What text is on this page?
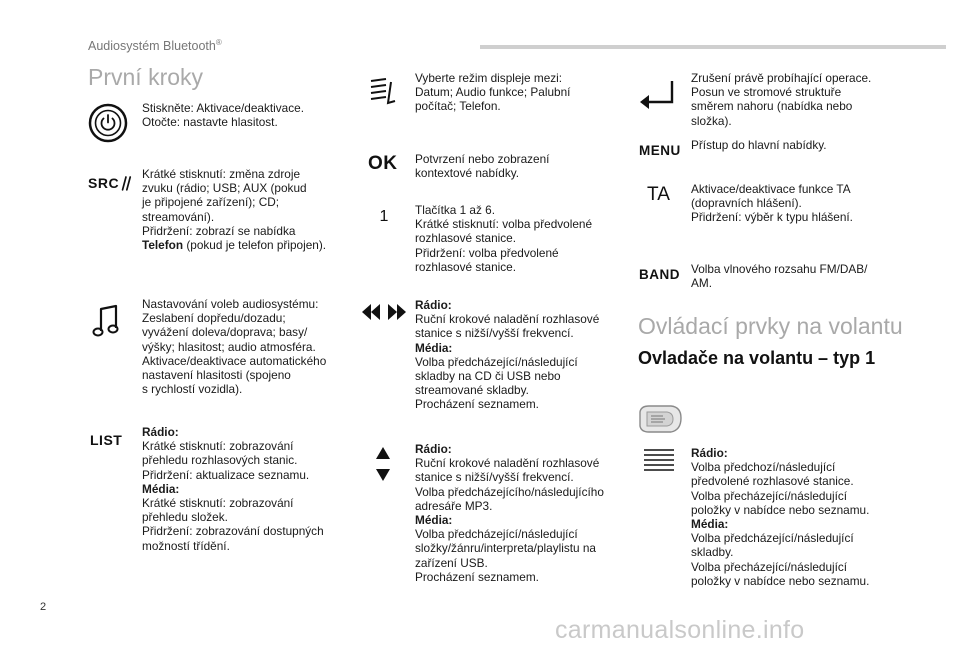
Audiosystém Bluetooth®
První kroky

Stiskněte: Aktivace/deaktivace.

Otočte: nastavte hlasitost.

SRC

Krátké stisknutí: změna zdroje

zvuku (rádio; USB; AUX (pokud

je připojené zařízení); CD;

streamování).

Přidržení: zobrazí se nabídka

Telefon (pokud je telefon připojen).

Nastavování voleb audiosystému:

Zeslabení dopředu/dozadu;

vyvážení doleva/doprava; basy/

výšky; hlasitost; audio atmosféra.

Aktivace/deaktivace automatického

nastavení hlasitosti (spojeno

s rychlostí vozidla).

LIST Rádio:

Krátké stisknutí: zobrazování

přehledu rozhlasových stanic.

Přidržení: aktualizace seznamu.

Média:

Krátké stisknutí: zobrazování

přehledu složek.

Přidržení: zobrazování dostupných

možností třídění.

Vyberte režim displeje mezi:

Datum; Audio funkce; Palubní

počítač; Telefon.

OK Potvrzení nebo zobrazení

kontextové nabídky.

1 Tlačítka 1 až 6.

Krátké stisknutí: volba předvolené

rozhlasové stanice.

Přidržení: volba předvolené

rozhlasové stanice.

Rádio:

Ruční krokové naladění rozhlasové

stanice s nižší/vyšší frekvencí.

Média:

Volba předcházející/následující

skladby na CD či USB nebo

streamované skladby.

Procházení seznamem.

Rádio:

Ruční krokové naladění rozhlasové

stanice s nižší/vyšší frekvencí.

Volba předcházejícího/následujícího

adresáře MP3.

Média:

Volba předcházející/následující

složky/žánru/interpreta/playlistu na

zařízení USB.

Procházení seznamem.

Zrušení právě probíhající operace.

Posun ve stromové struktuře

směrem nahoru (nabídka nebo

složka).

MENU Přístup do hlavní nabídky.

TA Aktivace/deaktivace funkce TA

(dopravních hlášení).

Přidržení: výběr k typu hlášení.

BAND Volba vlnového rozsahu FM/DAB/

AM.

Ovládací prvky na volantu
Ovladače na volantu – typ 1

Rádio:

Volba předchozí/následující

předvolené rozhlasové stanice.

Volba přecházející/následující

položky v nabídce nebo seznamu.

Média:

Volba předcházející/následující

skladby.

Volba přecházející/následující

položky v nabídce nebo seznamu.

2
carmanualsonline.info
